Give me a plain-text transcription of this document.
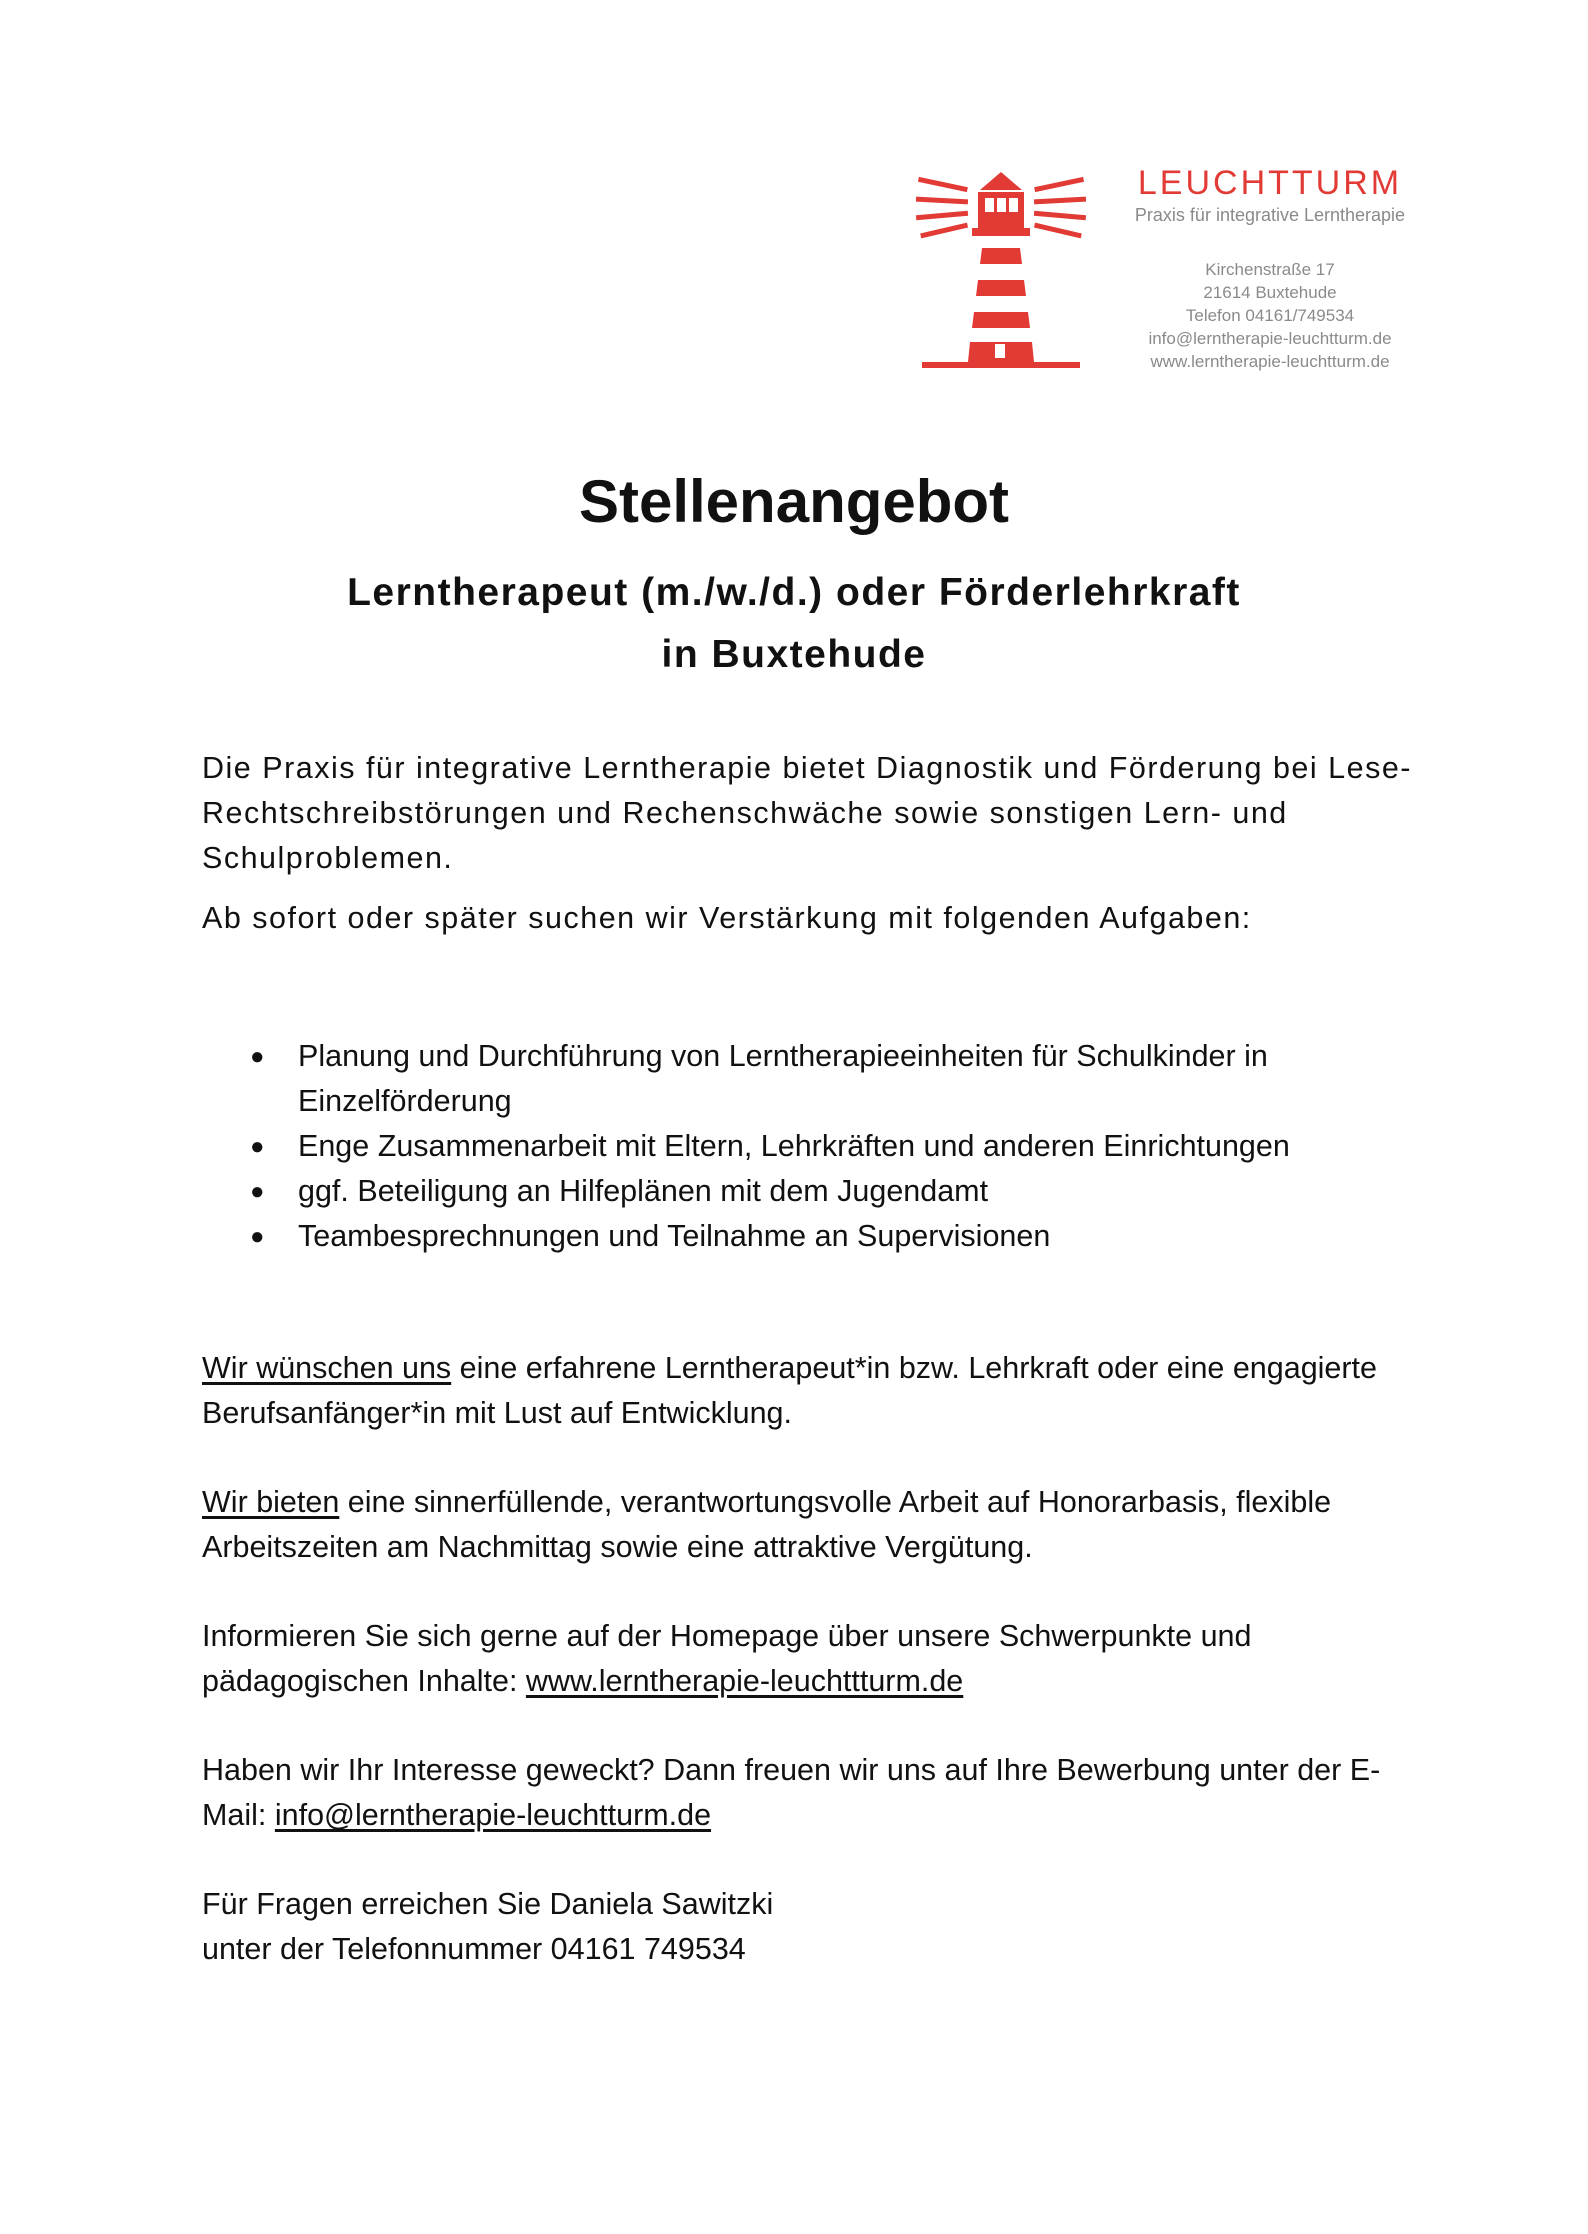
LEUCHTTURM
Praxis für integrative Lerntherapie
Kirchenstraße 17
21614 Buxtehude
Telefon 04161/749534
info@lerntherapie-leuchtturm.de
www.lerntherapie-leuchtturm.de
Stellenangebot
Lerntherapeut (m./w./d.) oder Förderlehrkraft
in Buxtehude

Die Praxis für integrative Lerntherapie bietet Diagnostik und Förderung bei Lese-Rechtschreibstörungen und Rechenschwäche sowie sonstigen Lern- und Schulproblemen.

Ab sofort oder später suchen wir Verstärkung mit folgenden Aufgaben:

● Planung und Durchführung von Lerntherapieeinheiten für Schulkinder in Einzelförderung
● Enge Zusammenarbeit mit Eltern, Lehrkräften und anderen Einrichtungen
● ggf. Beteiligung an Hilfeplänen mit dem Jugendamt
● Teambesprechnungen und Teilnahme an Supervisionen

Wir wünschen uns eine erfahrene Lerntherapeut*in bzw. Lehrkraft oder eine engagierte Berufsanfänger*in mit Lust auf Entwicklung.

Wir bieten eine sinnerfüllende, verantwortungsvolle Arbeit auf Honorarbasis, flexible Arbeitszeiten am Nachmittag sowie eine attraktive Vergütung.

Informieren Sie sich gerne auf der Homepage über unsere Schwerpunkte und pädagogischen Inhalte: www.lerntherapie-leuchttturm.de

Haben wir Ihr Interesse geweckt? Dann freuen wir uns auf Ihre Bewerbung unter der E-Mail: info@lerntherapie-leuchtturm.de

Für Fragen erreichen Sie Daniela Sawitzki
unter der Telefonnummer 04161 749534
